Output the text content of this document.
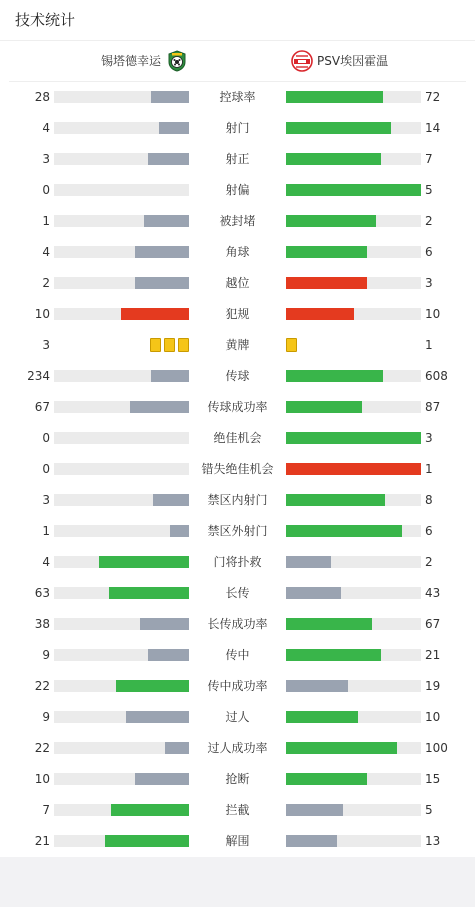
技术统计
锡塔德幸运	PSV埃因霍温
28	控球率	72
4	射门	14
3	射正	7
0	射偏	5
1	被封堵	2
4	角球	6
2	越位	3
10	犯规	10
3	黄牌	1
234	传球	608
67	传球成功率	87
0	绝佳机会	3
0	错失绝佳机会	1
3	禁区内射门	8
1	禁区外射门	6
4	门将扑救	2
63	长传	43
38	长传成功率	67
9	传中	21
22	传中成功率	19
9	过人	10
22	过人成功率	100
10	抢断	15
7	拦截	5
21	解围	13
